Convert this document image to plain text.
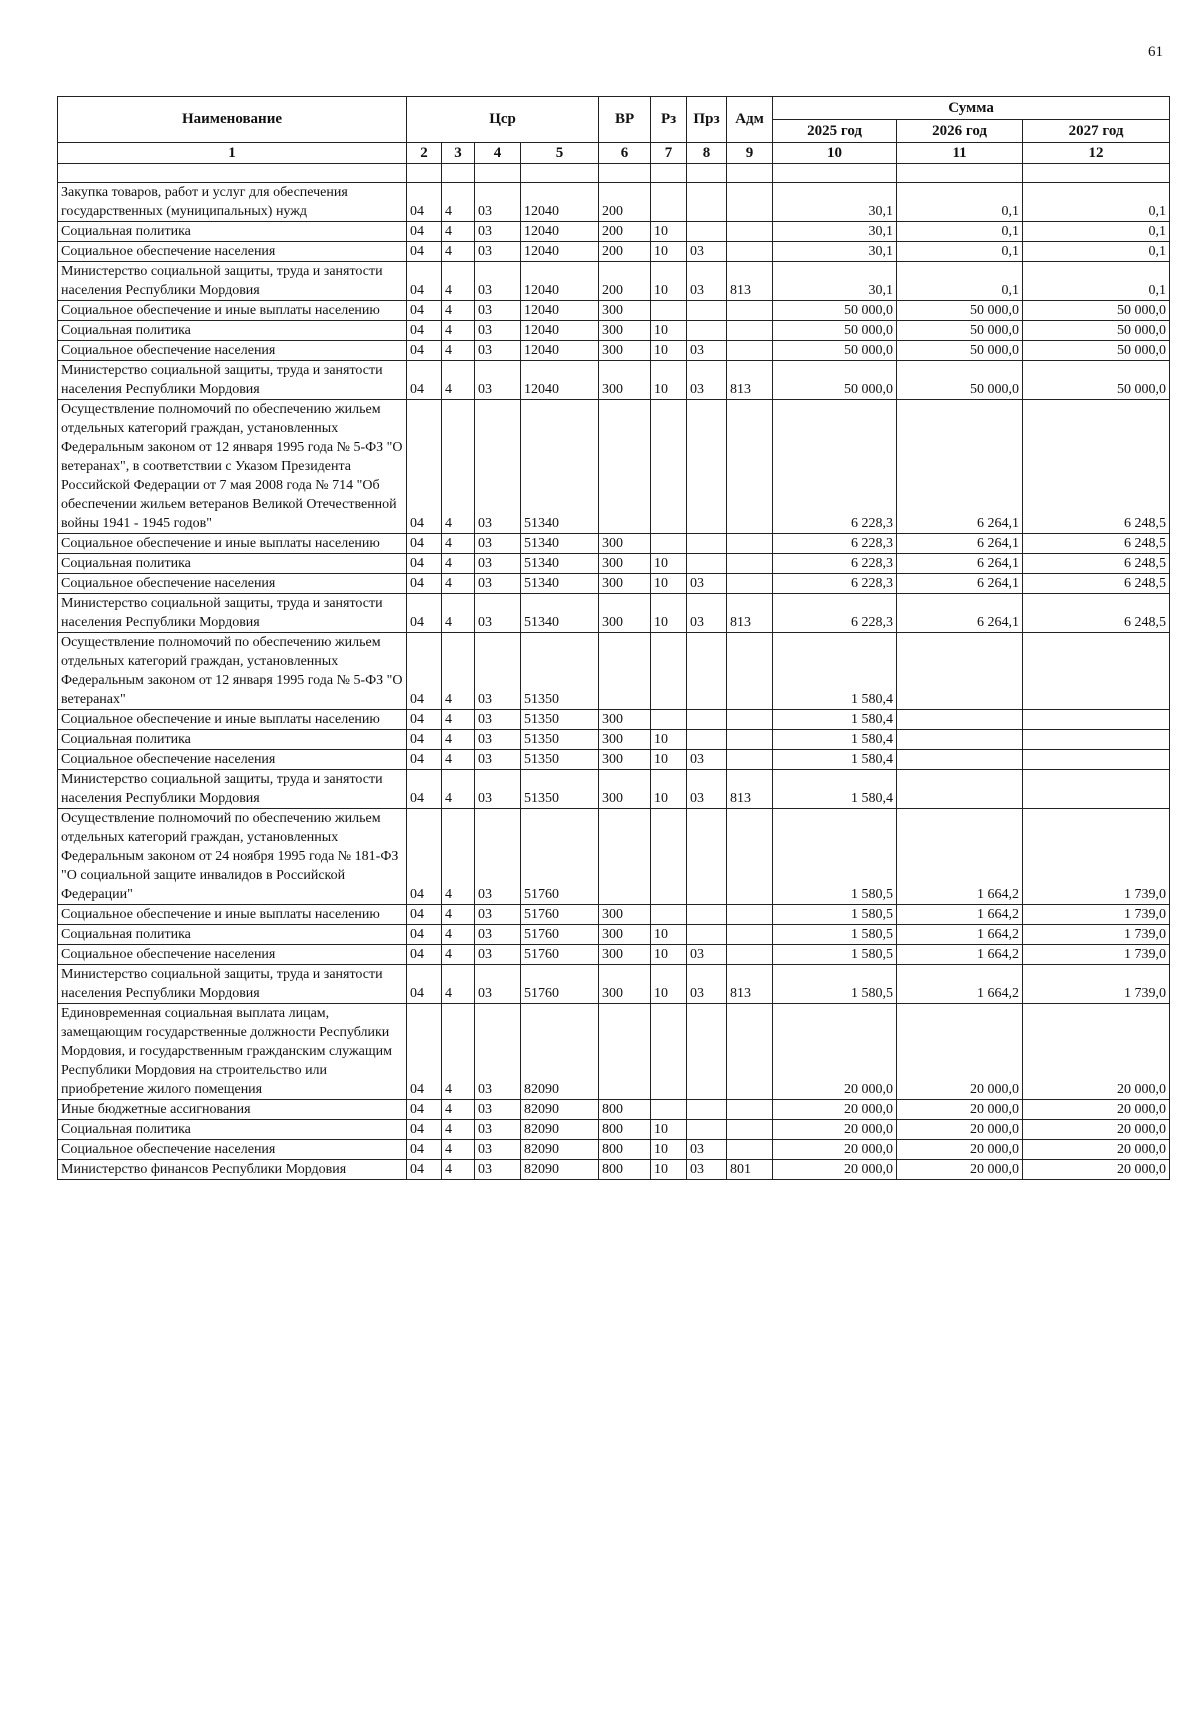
61
Наименование	Цср				ВР	Рз	Прз	Адм	Сумма		
									2025 год	2026 год	2027 год
1	2	3	4	5	6	7	8	9	10	11	12

Закупка товаров, работ и услуг для обеспечения государственных (муниципальных) нужд	04	4	03	12040	200				30,1	0,1	0,1
Социальная политика	04	4	03	12040	200	10			30,1	0,1	0,1
Социальное обеспечение населения	04	4	03	12040	200	10	03		30,1	0,1	0,1
Министерство социальной защиты, труда и занятости населения Республики Мордовия	04	4	03	12040	200	10	03	813	30,1	0,1	0,1
Социальное обеспечение и иные выплаты населению	04	4	03	12040	300				50 000,0	50 000,0	50 000,0
Социальная политика	04	4	03	12040	300	10			50 000,0	50 000,0	50 000,0
Социальное обеспечение населения	04	4	03	12040	300	10	03		50 000,0	50 000,0	50 000,0
Министерство социальной защиты, труда и занятости населения Республики Мордовия	04	4	03	12040	300	10	03	813	50 000,0	50 000,0	50 000,0
Осуществление полномочий по обеспечению жильем отдельных категорий граждан, установленных Федеральным законом от 12 января 1995 года № 5-ФЗ "О ветеранах", в соответствии с Указом Президента Российской Федерации от 7 мая 2008 года № 714 "Об обеспечении жильем ветеранов Великой Отечественной войны 1941 - 1945 годов"	04	4	03	51340					6 228,3	6 264,1	6 248,5
Социальное обеспечение и иные выплаты населению	04	4	03	51340	300				6 228,3	6 264,1	6 248,5
Социальная политика	04	4	03	51340	300	10			6 228,3	6 264,1	6 248,5
Социальное обеспечение населения	04	4	03	51340	300	10	03		6 228,3	6 264,1	6 248,5
Министерство социальной защиты, труда и занятости населения Республики Мордовия	04	4	03	51340	300	10	03	813	6 228,3	6 264,1	6 248,5
Осуществление полномочий по обеспечению жильем отдельных категорий граждан, установленных Федеральным законом от 12 января 1995 года № 5-ФЗ "О ветеранах"	04	4	03	51350					1 580,4		
Социальное обеспечение и иные выплаты населению	04	4	03	51350	300				1 580,4		
Социальная политика	04	4	03	51350	300	10			1 580,4		
Социальное обеспечение населения	04	4	03	51350	300	10	03		1 580,4		
Министерство социальной защиты, труда и занятости населения Республики Мордовия	04	4	03	51350	300	10	03	813	1 580,4		
Осуществление полномочий по обеспечению жильем отдельных категорий граждан, установленных Федеральным законом от 24 ноября 1995 года № 181-ФЗ "О социальной защите инвалидов в Российской Федерации"	04	4	03	51760					1 580,5	1 664,2	1 739,0
Социальное обеспечение и иные выплаты населению	04	4	03	51760	300				1 580,5	1 664,2	1 739,0
Социальная политика	04	4	03	51760	300	10			1 580,5	1 664,2	1 739,0
Социальное обеспечение населения	04	4	03	51760	300	10	03		1 580,5	1 664,2	1 739,0
Министерство социальной защиты, труда и занятости населения Республики Мордовия	04	4	03	51760	300	10	03	813	1 580,5	1 664,2	1 739,0
Единовременная социальная выплата лицам, замещающим государственные должности Республики Мордовия, и государственным гражданским служащим Республики Мордовия на строительство или приобретение жилого помещения	04	4	03	82090					20 000,0	20 000,0	20 000,0
Иные бюджетные ассигнования	04	4	03	82090	800				20 000,0	20 000,0	20 000,0
Социальная политика	04	4	03	82090	800	10			20 000,0	20 000,0	20 000,0
Социальное обеспечение населения	04	4	03	82090	800	10	03		20 000,0	20 000,0	20 000,0
Министерство финансов Республики Мордовия	04	4	03	82090	800	10	03	801	20 000,0	20 000,0	20 000,0
